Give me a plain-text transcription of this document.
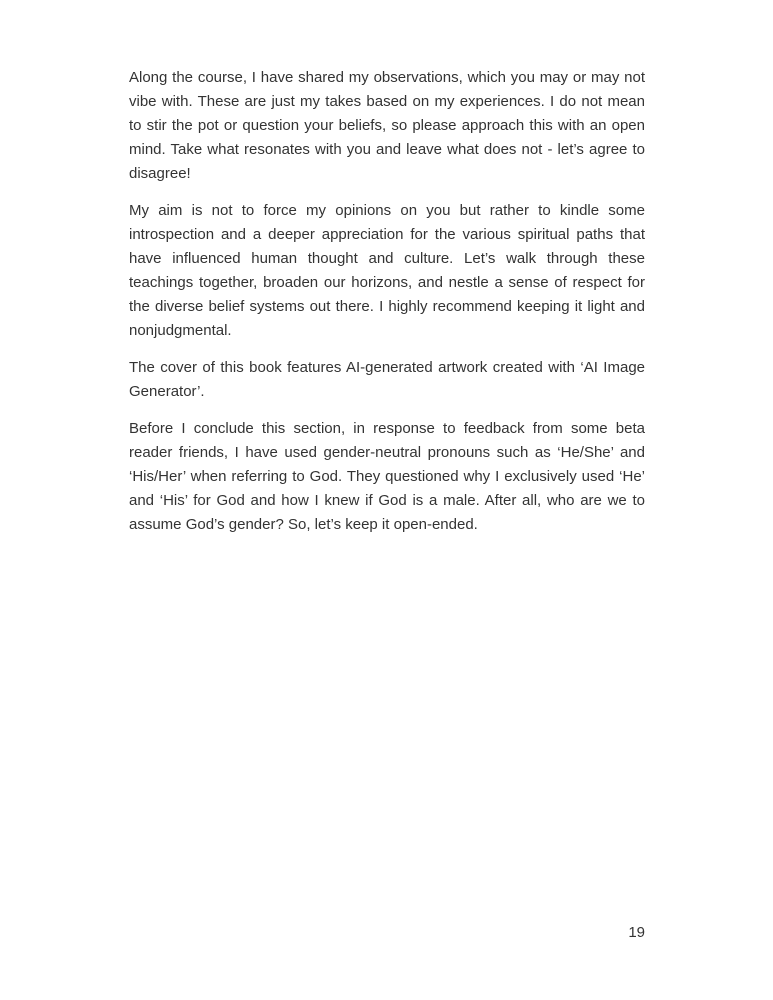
Along the course, I have shared my observations, which you may or may not vibe with. These are just my takes based on my experiences. I do not mean to stir the pot or question your beliefs, so please approach this with an open mind. Take what resonates with you and leave what does not - let’s agree to disagree!

My aim is not to force my opinions on you but rather to kindle some introspection and a deeper appreciation for the various spiritual paths that have influenced human thought and culture. Let’s walk through these teachings together, broaden our horizons, and nestle a sense of respect for the diverse belief systems out there. I highly recommend keeping it light and nonjudgmental.

The cover of this book features AI-generated artwork created with ‘AI Image Generator’.

Before I conclude this section, in response to feedback from some beta reader friends, I have used gender-neutral pronouns such as ‘He/She’ and ‘His/Her’ when referring to God. They questioned why I exclusively used ‘He’ and ‘His’ for God and how I knew if God is a male. After all, who are we to assume God’s gender? So, let’s keep it open-ended.

19
